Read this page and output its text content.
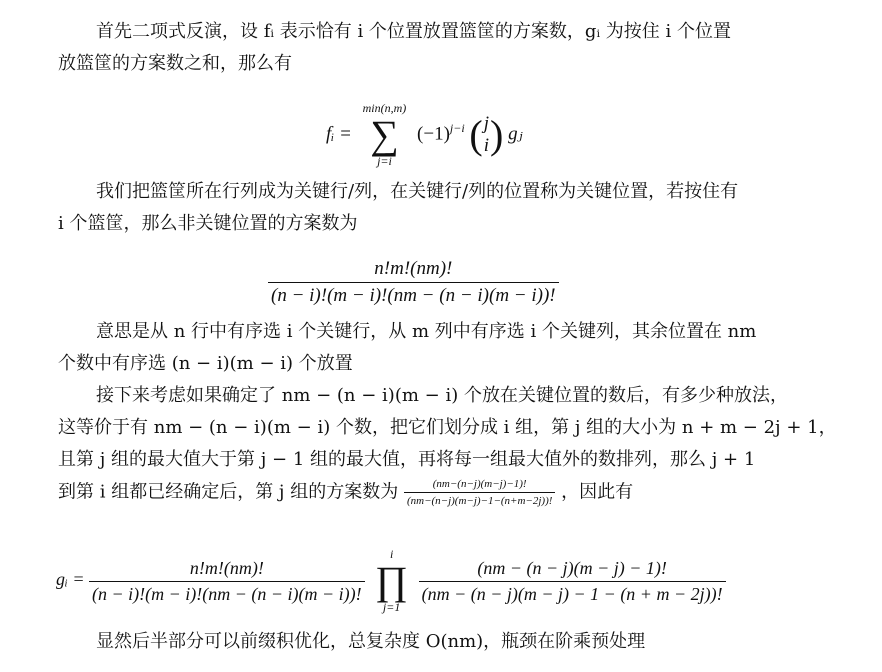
首先二项式反演，设 fᵢ 表示恰有 i 个位置放置篮筐的方案数，gᵢ 为按住 i 个位置
放篮筐的方案数之和，那么有
fᵢ =
min(n,m)
∑
j=i
$(-1)^{j-i}$ ( j
i ) gⱼ
我们把篮筐所在行列成为关键行/列，在关键行/列的位置称为关键位置，若按住有
i 个篮筐，那么非关键位置的方案数为
$\frac{n!m!(nm)!}{(n - i)!(m - i)!(nm - (n - i)(m - i))!}$
意思是从 n 行中有序选 i 个关键行，从 m 列中有序选 i 个关键列，其余位置在 nm
个数中有序选 (n − i)(m − i) 个放置
接下来考虑如果确定了 nm − (n − i)(m − i) 个放在关键位置的数后，有多少种放法，
这等价于有 nm − (n − i)(m − i) 个数，把它们划分成 i 组，第 j 组的大小为 n + m − 2j + 1，
且第 j 组的最大值大于第 j − 1 组的最大值，再将每一组最大值外的数排列，那么 j + 1
到第 i 组都已经确定后，第 j 组的方案数为 $\frac{(nm-(n-j)(m-j)-1)!}{(nm-(n-j)(m-j)-1-(n+m-2j))!}$ ，因此有
gᵢ = $\frac{n!m!(nm)!}{(n - i)!(m - i)!(nm - (n - i)(m - i))!}$

i
∏
j=1

$\frac{(nm - (n - j)(m - j) - 1)!}{(nm - (n - j)(m - j) - 1 - (n + m - 2j))!}$
显然后半部分可以前缀积优化，总复杂度 O(nm)，瓶颈在阶乘预处理
